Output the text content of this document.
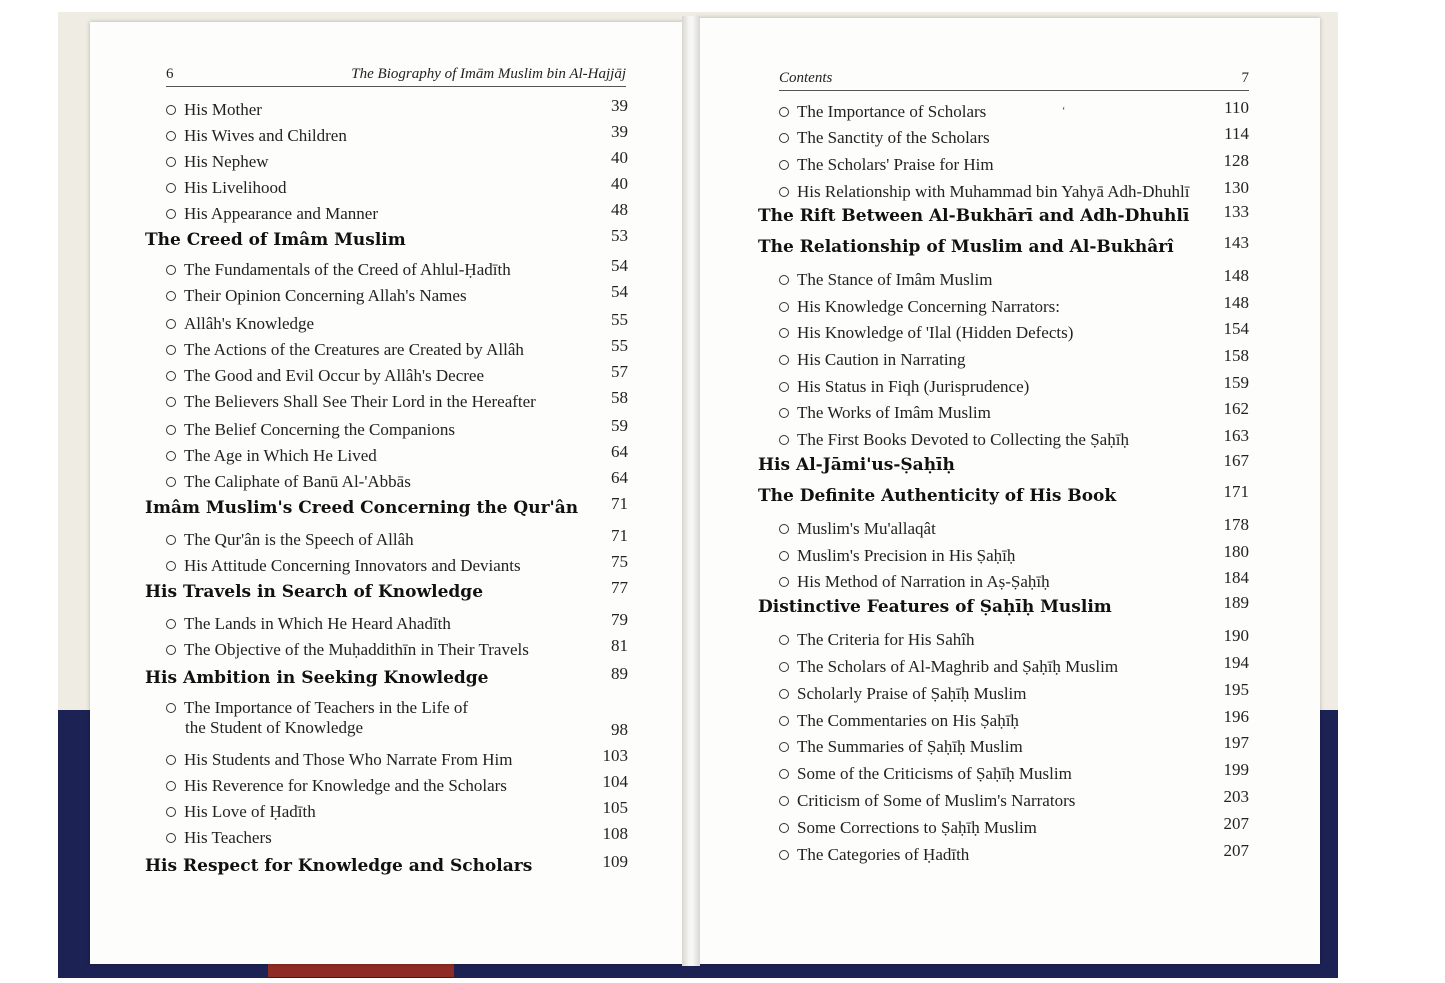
6	The Biography of Imām Muslim bin Al-Hajjāj	Contents	7
‘
His Mother	39
His Wives and Children	39
His Nephew	40
His Livelihood	40
His Appearance and Manner	48
The Creed of Imâm Muslim	53
The Fundamentals of the Creed of Ahlul-Ḥadīth	54
Their Opinion Concerning Allah's Names	54
Allâh's Knowledge	55
The Actions of the Creatures are Created by Allâh	55
The Good and Evil Occur by Allâh's Decree	57
The Believers Shall See Their Lord in the Hereafter	58
The Belief Concerning the Companions	59
The Age in Which He Lived	64
The Caliphate of Banū Al-'Abbās	64
Imâm Muslim's Creed Concerning the Qur'ân	71
The Qur'ân is the Speech of Allâh	71
His Attitude Concerning Innovators and Deviants	75
His Travels in Search of Knowledge	77
The Lands in Which He Heard Ahadīth	79
The Objective of the Muḥaddithīn in Their Travels	81
His Ambition in Seeking Knowledge	89
The Importance of Teachers in the Life of
the Student of Knowledge	98
His Students and Those Who Narrate From Him	103
His Reverence for Knowledge and the Scholars	104
His Love of Ḥadīth	105
His Teachers	108
His Respect for Knowledge and Scholars	109
The Importance of Scholars	110
The Sanctity of the Scholars	114
The Scholars' Praise for Him	128
His Relationship with Muhammad bin Yahyā Adh-Dhuhlī	130
The Rift Between Al-Bukhārī and Adh-Dhuhlī	133
The Relationship of Muslim and Al-Bukhârî	143
The Stance of Imâm Muslim	148
His Knowledge Concerning Narrators:	148
His Knowledge of 'Ilal (Hidden Defects)	154
His Caution in Narrating	158
His Status in Fiqh (Jurisprudence)	159
The Works of Imâm Muslim	162
The First Books Devoted to Collecting the Ṣaḥīḥ	163
His Al-Jāmi'us-Ṣaḥīḥ	167
The Definite Authenticity of His Book	171
Muslim's Mu'allaqât	178
Muslim's Precision in His Ṣaḥīḥ	180
His Method of Narration in Aṣ-Ṣaḥīḥ	184
Distinctive Features of Ṣaḥīḥ Muslim	189
The Criteria for His Sahîh	190
The Scholars of Al-Maghrib and Ṣaḥīḥ Muslim	194
Scholarly Praise of Ṣaḥīḥ Muslim	195
The Commentaries on His Ṣaḥīḥ	196
The Summaries of Ṣaḥīḥ Muslim	197
Some of the Criticisms of Ṣaḥīḥ Muslim	199
Criticism of Some of Muslim's Narrators	203
Some Corrections to Ṣaḥīḥ Muslim	207
The Categories of Ḥadīth	207
